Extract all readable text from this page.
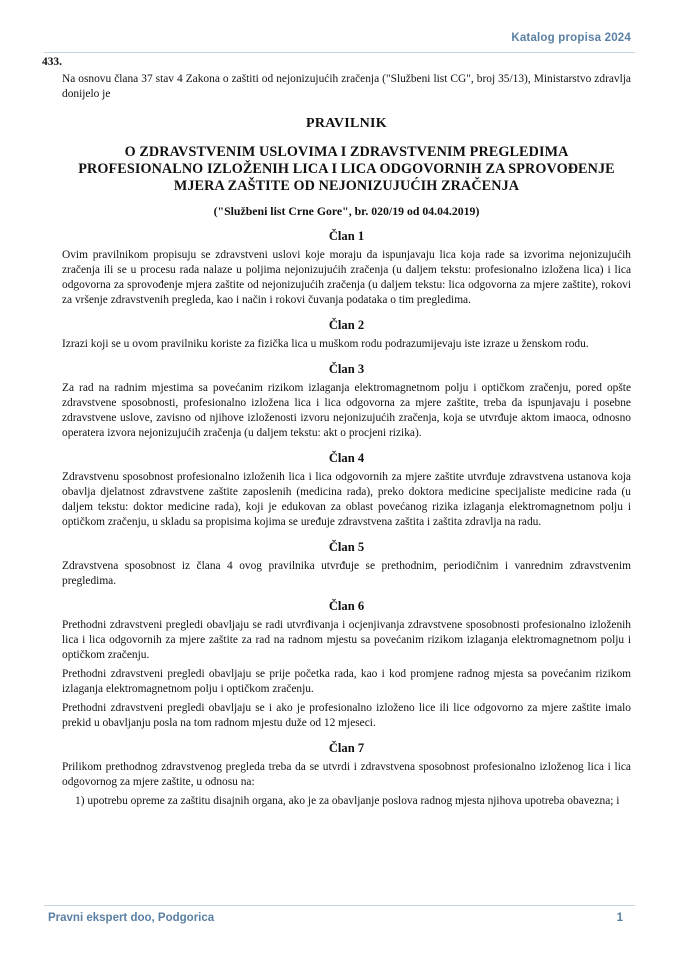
Katalog propisa 2024
433.

Na osnovu člana 37 stav 4 Zakona o zaštiti od nejonizujućih zračenja ("Službeni list CG", broj 35/13), Ministarstvo zdravlja donijelo je

PRAVILNIK
O ZDRAVSTVENIM USLOVIMA I ZDRAVSTVENIM PREGLEDIMA PROFESIONALNO IZLOŽENIH LICA I LICA ODGOVORNIH ZA SPROVOĐENJE MJERA ZAŠTITE OD NEJONIZUJUĆIH ZRAČENJA
("Službeni list Crne Gore", br. 020/19 od 04.04.2019)
Član 1

Ovim pravilnikom propisuju se zdravstveni uslovi koje moraju da ispunjavaju lica koja rade sa izvorima nejonizujućih zračenja ili se u procesu rada nalaze u poljima nejonizujućih zračenja (u daljem tekstu: profesionalno izložena lica) i lica odgovorna za sprovođenje mjera zaštite od nejonizujućih zračenja (u daljem tekstu: lica odgovorna za mjere zaštite), rokovi za vršenje zdravstvenih pregleda, kao i način i rokovi čuvanja podataka o tim pregledima.

Član 2

Izrazi koji se u ovom pravilniku koriste za fizička lica u muškom rodu podrazumijevaju iste izraze u ženskom rodu.

Član 3

Za rad na radnim mjestima sa povećanim rizikom izlaganja elektromagnetnom polju i optičkom zračenju, pored opšte zdravstvene sposobnosti, profesionalno izložena lica i lica odgovorna za mjere zaštite, treba da ispunjavaju i posebne zdravstvene uslove, zavisno od njihove izloženosti izvoru nejonizujućih zračenja, koja se utvrđuje aktom imaoca, odnosno operatera izvora nejonizujućih zračenja (u daljem tekstu: akt o procjeni rizika).

Član 4

Zdravstvenu sposobnost profesionalno izloženih lica i lica odgovornih za mjere zaštite utvrđuje zdravstvena ustanova koja obavlja djelatnost zdravstvene zaštite zaposlenih (medicina rada), preko doktora medicine specijaliste medicine rada (u daljem tekstu: doktor medicine rada), koji je edukovan za oblast povećanog rizika izlaganja elektromagnetnom polju i optičkom zračenju, u skladu sa propisima kojima se uređuje zdravstvena zaštita i zaštita zdravlja na radu.

Član 5

Zdravstvena sposobnost iz člana 4 ovog pravilnika utvrđuje se prethodnim, periodičnim i vanrednim zdravstvenim pregledima.

Član 6

Prethodni zdravstveni pregledi obavljaju se radi utvrđivanja i ocjenjivanja zdravstvene sposobnosti profesionalno izloženih lica i lica odgovornih za mjere zaštite za rad na radnom mjestu sa povećanim rizikom izlaganja elektromagnetnom polju i optičkom zračenju.

Prethodni zdravstveni pregledi obavljaju se prije početka rada, kao i kod promjene radnog mjesta sa povećanim rizikom izlaganja elektromagnetnom polju i optičkom zračenju.

Prethodni zdravstveni pregledi obavljaju se i ako je profesionalno izloženo lice ili lice odgovorno za mjere zaštite imalo prekid u obavljanju posla na tom radnom mjestu duže od 12 mjeseci.

Član 7

Prilikom prethodnog zdravstvenog pregleda treba da se utvrdi i zdravstvena sposobnost profesionalno izloženog lica i lica odgovornog za mjere zaštite, u odnosu na:

1) upotrebu opreme za zaštitu disajnih organa, ako je za obavljanje poslova radnog mjesta njihova upotreba obavezna; i

Pravni ekspert doo, Podgorica	1
